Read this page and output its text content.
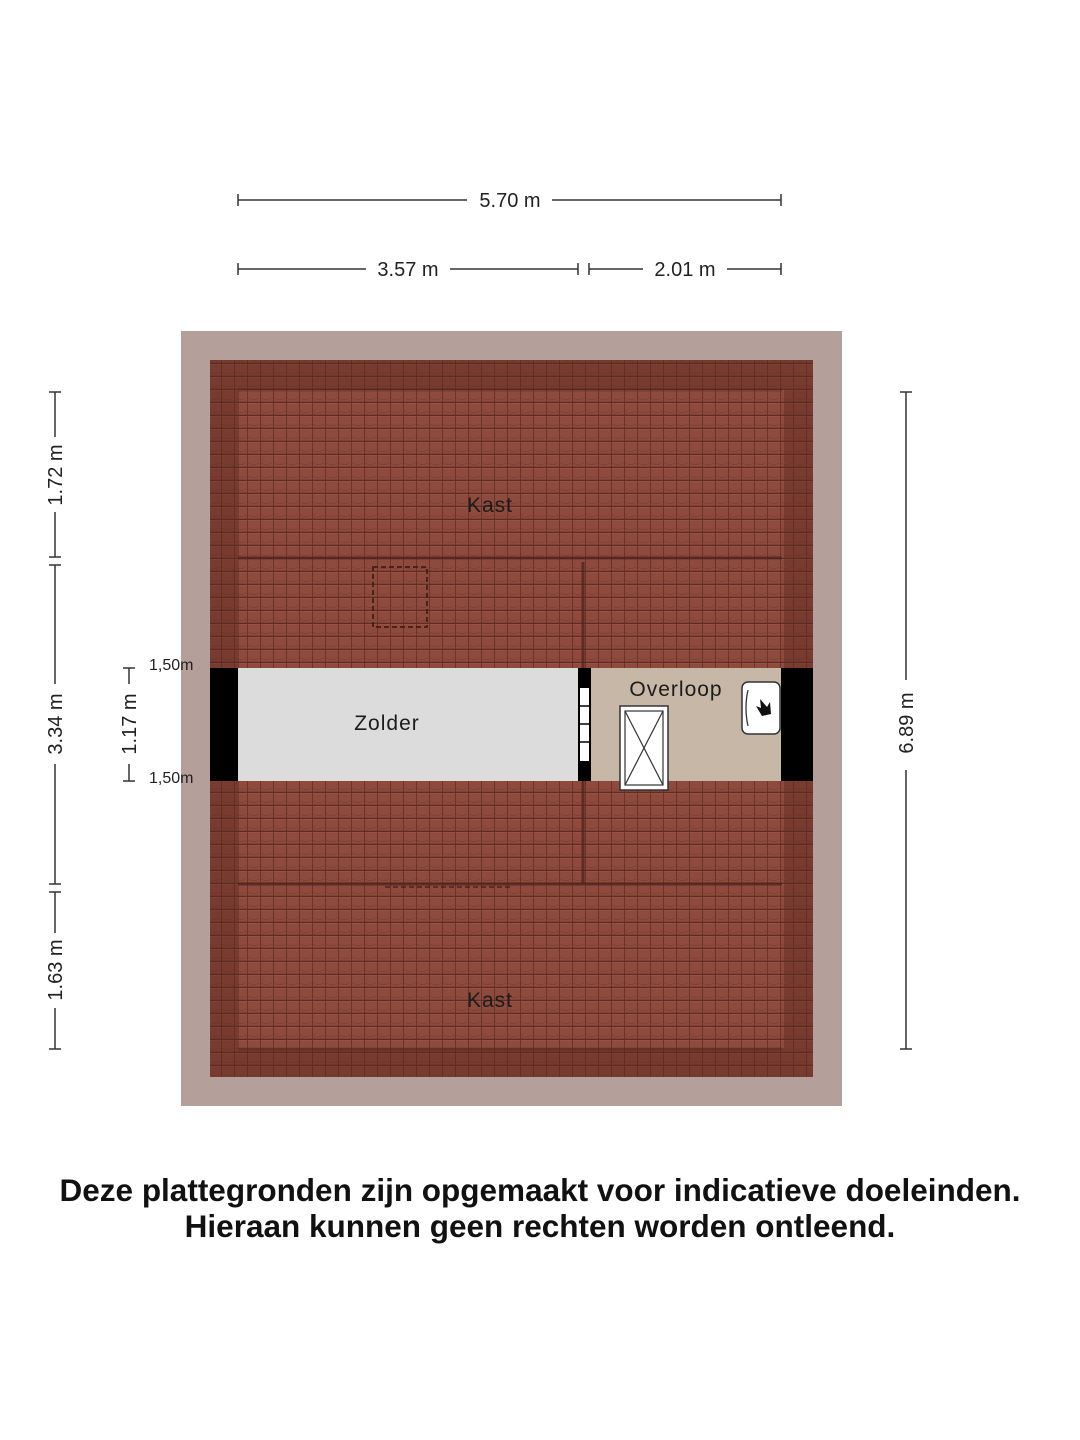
Kast
Zolder
Overloop
Kast
5.70 m
3.57 m	2.01 m
1.72 m
3.34 m
1.63 m
1.17 m
1,50m
1,50m
6.89 m
Deze plattegronden zijn opgemaakt voor indicatieve doeleinden.
Hieraan kunnen geen rechten worden ontleend.
